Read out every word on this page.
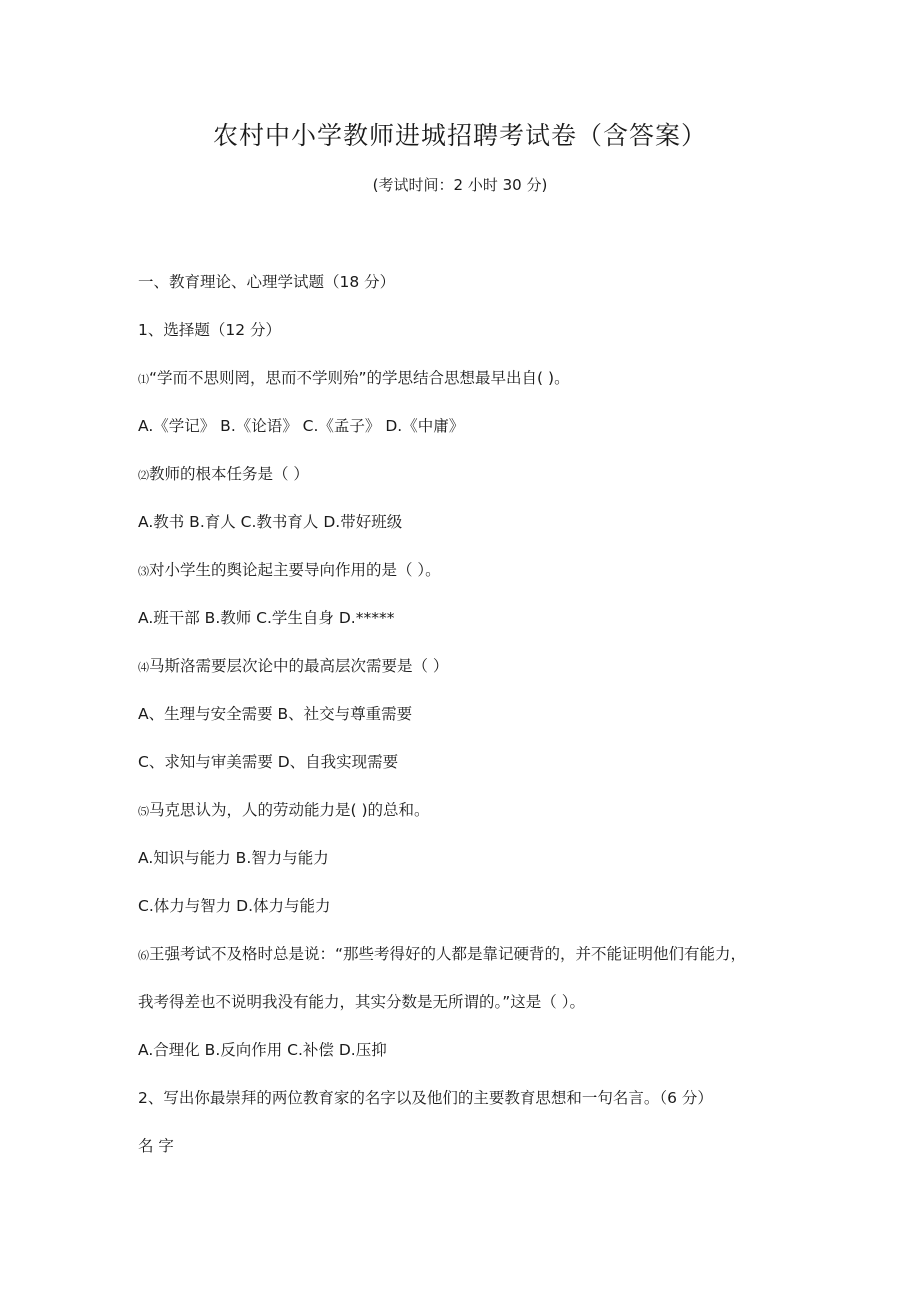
农村中小学教师进城招聘考试卷（含答案）
(考试时间：2 小时 30 分)
一、教育理论、心理学试题（18 分）
1、选择题（12 分）
⑴“学而不思则罔，思而不学则殆”的学思结合思想最早出自( )。
A.《学记》 B.《论语》 C.《孟子》 D.《中庸》
⑵教师的根本任务是（ ）
A.教书 B.育人 C.教书育人 D.带好班级
⑶对小学生的舆论起主要导向作用的是（ ）。
A.班干部 B.教师 C.学生自身 D.*****
⑷马斯洛需要层次论中的最高层次需要是（ ）
A、生理与安全需要 B、社交与尊重需要
C、求知与审美需要 D、自我实现需要
⑸马克思认为，人的劳动能力是( )的总和。
A.知识与能力 B.智力与能力
C.体力与智力 D.体力与能力
⑹王强考试不及格时总是说：“那些考得好的人都是靠记硬背的，并不能证明他们有能力，
我考得差也不说明我没有能力，其实分数是无所谓的。”这是（ ）。
A.合理化 B.反向作用 C.补偿 D.压抑
2、写出你最崇拜的两位教育家的名字以及他们的主要教育思想和一句名言。（6 分）
名 字
